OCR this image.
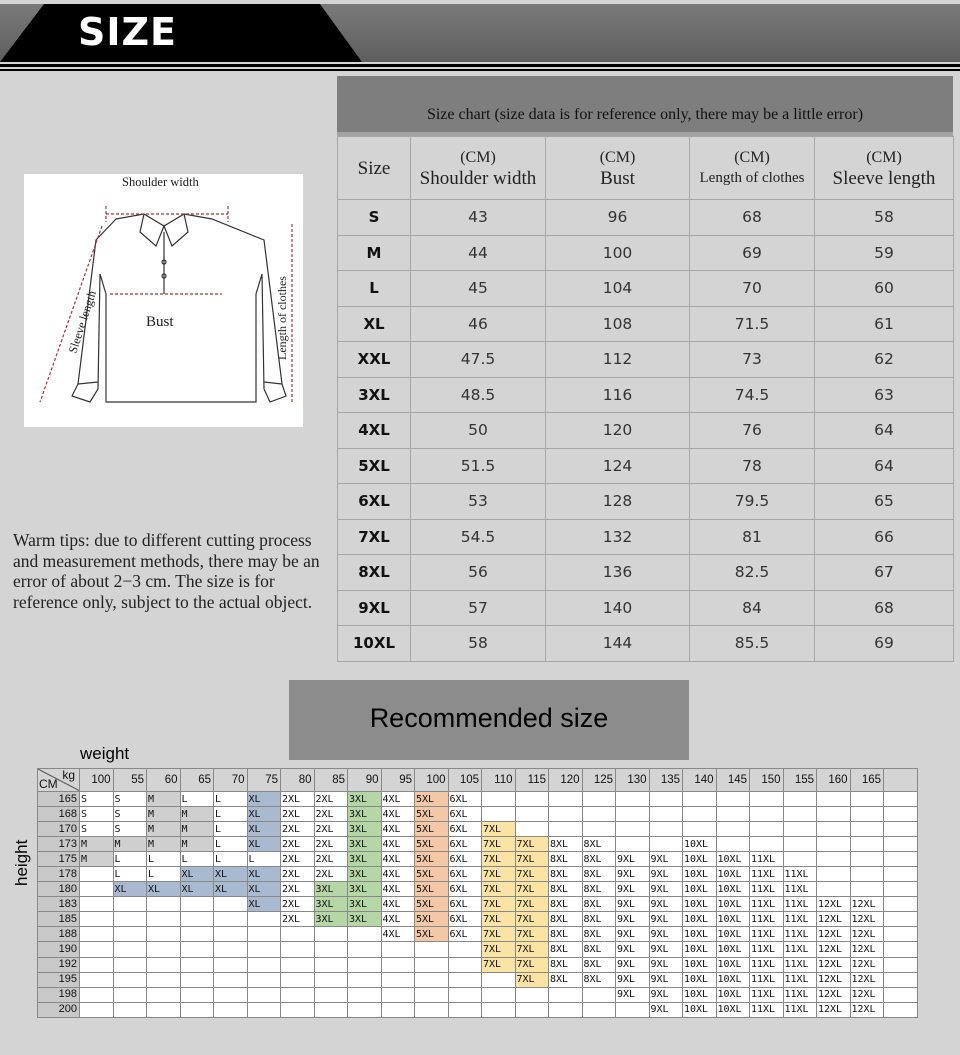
SIZE
Shoulder width
Bust
Sleeve length	Length of clothes
Warm tips: due to different cutting process and measurement methods, there may be an error of about 2−3 cm. The size is for reference only, subject to the actual object.
Size chart (size data is for reference only, there may be a little error)
Size	(CM)
Shoulder width	(CM)
Bust	(CM)
Length of clothes	(CM)
Sleeve length
S	43	96	68	58
M	44	100	69	59
L	45	104	70	60
XL	46	108	71.5	61
XXL	47.5	112	73	62
3XL	48.5	116	74.5	63
4XL	50	120	76	64
5XL	51.5	124	78	64
6XL	53	128	79.5	65
7XL	54.5	132	81	66
8XL	56	136	82.5	67
9XL	57	140	84	68
10XL	58	144	85.5	69
Recommended size
weight
height
kg
CM	100	55	60	65	70	75	80	85	90	95	100	105	110	115	120	125	130	135	140	145	150	155	160	165	
165	S	S	M	L	L	XL	2XL	2XL	3XL	4XL	5XL	6XL													
168	S	S	M	M	L	XL	2XL	2XL	3XL	4XL	5XL	6XL													
170	S	S	M	M	L	XL	2XL	2XL	3XL	4XL	5XL	6XL	7XL												
173	M	M	M	M	L	XL	2XL	2XL	3XL	4XL	5XL	6XL	7XL	7XL	8XL	8XL			10XL						
175	M	L	L	L	L	L	2XL	2XL	3XL	4XL	5XL	6XL	7XL	7XL	8XL	8XL	9XL	9XL	10XL	10XL	11XL				
178		L	L	XL	XL	XL	2XL	2XL	3XL	4XL	5XL	6XL	7XL	7XL	8XL	8XL	9XL	9XL	10XL	10XL	11XL	11XL			
180		XL	XL	XL	XL	XL	2XL	3XL	3XL	4XL	5XL	6XL	7XL	7XL	8XL	8XL	9XL	9XL	10XL	10XL	11XL	11XL			
183						XL	2XL	3XL	3XL	4XL	5XL	6XL	7XL	7XL	8XL	8XL	9XL	9XL	10XL	10XL	11XL	11XL	12XL	12XL	
185							2XL	3XL	3XL	4XL	5XL	6XL	7XL	7XL	8XL	8XL	9XL	9XL	10XL	10XL	11XL	11XL	12XL	12XL	
188										4XL	5XL	6XL	7XL	7XL	8XL	8XL	9XL	9XL	10XL	10XL	11XL	11XL	12XL	12XL	
190													7XL	7XL	8XL	8XL	9XL	9XL	10XL	10XL	11XL	11XL	12XL	12XL	
192													7XL	7XL	8XL	8XL	9XL	9XL	10XL	10XL	11XL	11XL	12XL	12XL	
195														7XL	8XL	8XL	9XL	9XL	10XL	10XL	11XL	11XL	12XL	12XL	
198																	9XL	9XL	10XL	10XL	11XL	11XL	12XL	12XL	
200																		9XL	10XL	10XL	11XL	11XL	12XL	12XL	
